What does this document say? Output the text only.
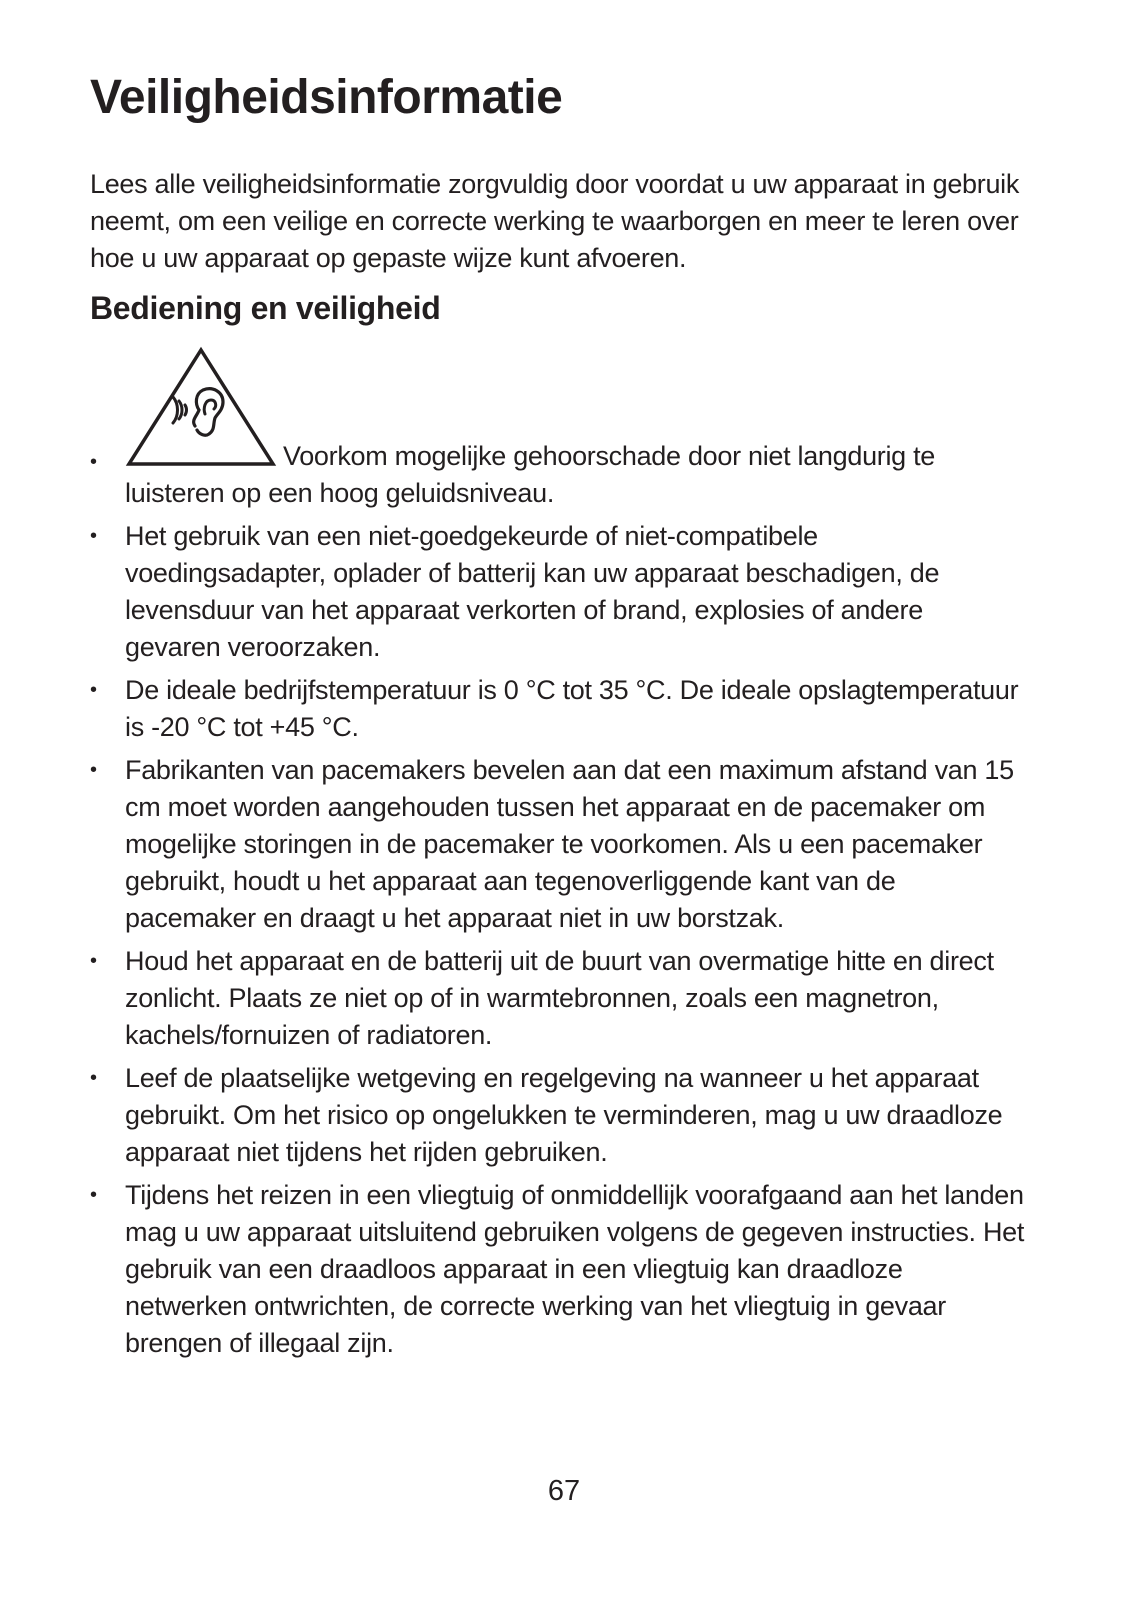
Veiligheidsinformatie

Lees alle veiligheidsinformatie zorgvuldig door voordat u uw apparaat in gebruik neemt, om een veilige en correcte werking te waarborgen en meer te leren over hoe u uw apparaat op gepaste wijze kunt afvoeren.

Bediening en veiligheid
•	Voorkom mogelijke gehoorschade door niet langdurig te luisteren op een hoog geluidsniveau.
• Het gebruik van een niet-goedgekeurde of niet-compatibele voedingsadapter, oplader of batterij kan uw apparaat beschadigen, de levensduur van het apparaat verkorten of brand, explosies of andere gevaren veroorzaken.
• De ideale bedrijfstemperatuur is 0 °C tot 35 °C. De ideale opslagtemperatuur is -20 °C tot +45 °C.
• Fabrikanten van pacemakers bevelen aan dat een maximum afstand van 15 cm moet worden aangehouden tussen het apparaat en de pacemaker om mogelijke storingen in de pacemaker te voorkomen. Als u een pacemaker gebruikt, houdt u het apparaat aan tegenoverliggende kant van de pacemaker en draagt u het apparaat niet in uw borstzak.
• Houd het apparaat en de batterij uit de buurt van overmatige hitte en direct zonlicht. Plaats ze niet op of in warmtebronnen, zoals een magnetron, kachels/fornuizen of radiatoren.
• Leef de plaatselijke wetgeving en regelgeving na wanneer u het apparaat gebruikt. Om het risico op ongelukken te verminderen, mag u uw draadloze apparaat niet tijdens het rijden gebruiken.
• Tijdens het reizen in een vliegtuig of onmiddellijk voorafgaand aan het landen mag u uw apparaat uitsluitend gebruiken volgens de gegeven instructies. Het gebruik van een draadloos apparaat in een vliegtuig kan draadloze netwerken ontwrichten, de correcte werking van het vliegtuig in gevaar brengen of illegaal zijn.
67
